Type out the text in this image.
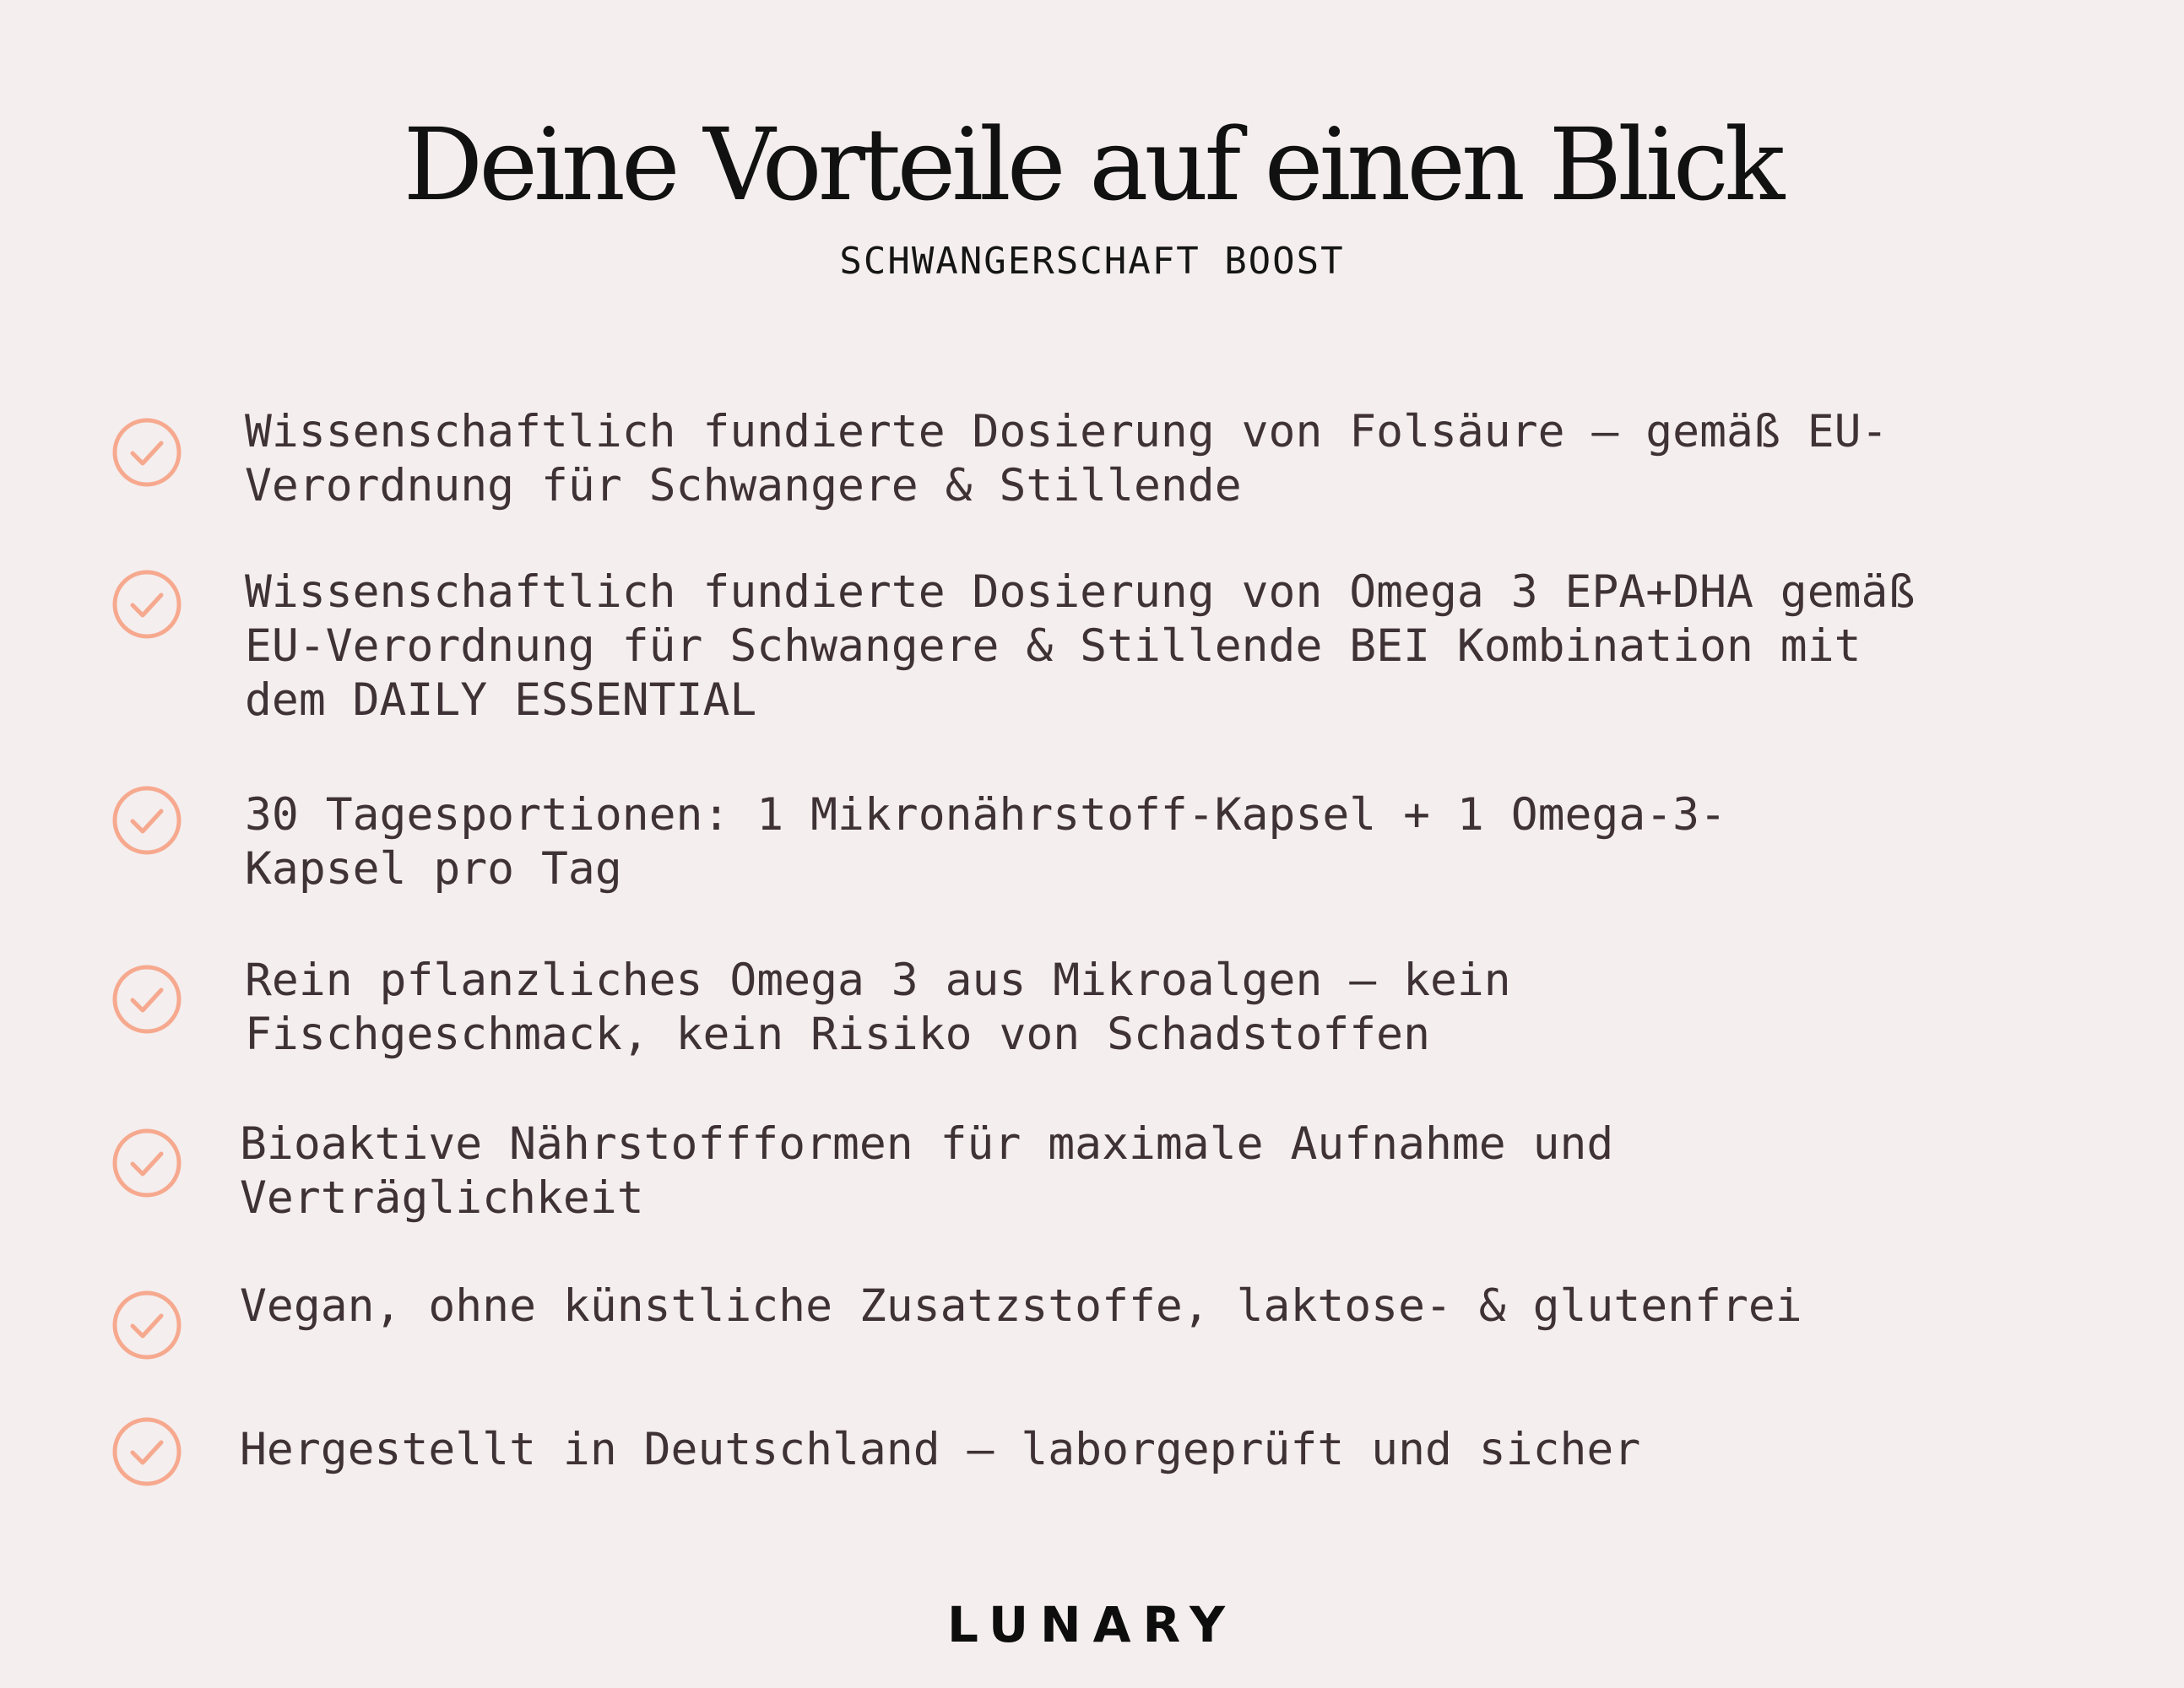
Deine Vorteile auf einen Blick
SCHWANGERSCHAFT BOOST
Wissenschaftlich fundierte Dosierung von Folsäure – gemäß EU-
Verordnung für Schwangere & Stillende
Wissenschaftlich fundierte Dosierung von Omega 3 EPA+DHA gemäß
EU-Verordnung für Schwangere & Stillende BEI Kombination mit
dem DAILY ESSENTIAL
30 Tagesportionen: 1 Mikronährstoff-Kapsel + 1 Omega-3-
Kapsel pro Tag
Rein pflanzliches Omega 3 aus Mikroalgen – kein
Fischgeschmack, kein Risiko von Schadstoffen
Bioaktive Nährstoffformen für maximale Aufnahme und
Verträglichkeit
Vegan, ohne künstliche Zusatzstoffe, laktose- & glutenfrei
Hergestellt in Deutschland – laborgeprüft und sicher
LUNARY
